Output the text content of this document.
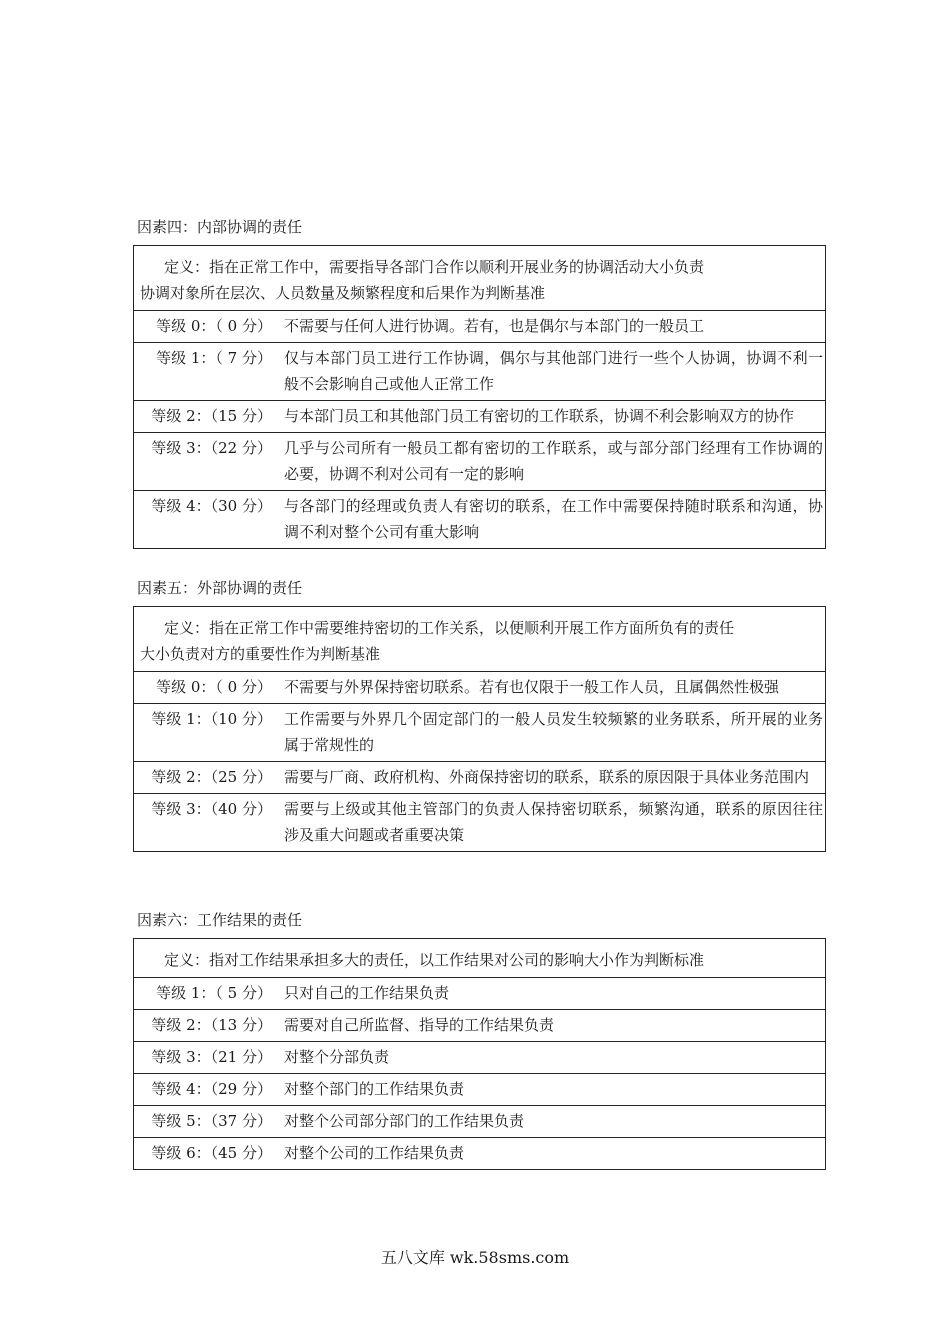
因素四：内部协调的责任
定义：指在正常工作中，需要指导各部门合作以顺利开展业务的协调活动大小负责
协调对象所在层次、人员数量及频繁程度和后果作为判断基准

等级 0：（ 0 分） 不需要与任何人进行协调。若有，也是偶尔与本部门的一般员工

等级 1：（ 7 分） 仅与本部门员工进行工作协调，偶尔与其他部门进行一些个人协调，协调不利一般不会影响自己或他人正常工作

等级 2：（15 分） 与本部门员工和其他部门员工有密切的工作联系，协调不利会影响双方的协作

等级 3：（22 分） 几乎与公司所有一般员工都有密切的工作联系，或与部分部门经理有工作协调的必要，协调不利对公司有一定的影响

等级 4：（30 分） 与各部门的经理或负责人有密切的联系，在工作中需要保持随时联系和沟通，协调不利对整个公司有重大影响
因素五：外部协调的责任
定义：指在正常工作中需要维持密切的工作关系，以便顺利开展工作方面所负有的责任
大小负责对方的重要性作为判断基准

等级 0：（ 0 分） 不需要与外界保持密切联系。若有也仅限于一般工作人员，且属偶然性极强

等级 1：（10 分） 工作需要与外界几个固定部门的一般人员发生较频繁的业务联系，所开展的业务属于常规性的

等级 2：（25 分） 需要与厂商、政府机构、外商保持密切的联系，联系的原因限于具体业务范围内

等级 3：（40 分） 需要与上级或其他主管部门的负责人保持密切联系，频繁沟通，联系的原因往往涉及重大问题或者重要决策
因素六：工作结果的责任
定义：指对工作结果承担多大的责任，以工作结果对公司的影响大小作为判断标准

等级 1：（ 5 分） 只对自己的工作结果负责

等级 2：（13 分） 需要对自己所监督、指导的工作结果负责

等级 3：（21 分） 对整个分部负责

等级 4：（29 分） 对整个部门的工作结果负责

等级 5：（37 分） 对整个公司部分部门的工作结果负责

等级 6：（45 分） 对整个公司的工作结果负责
五八文库 wk.58sms.com
